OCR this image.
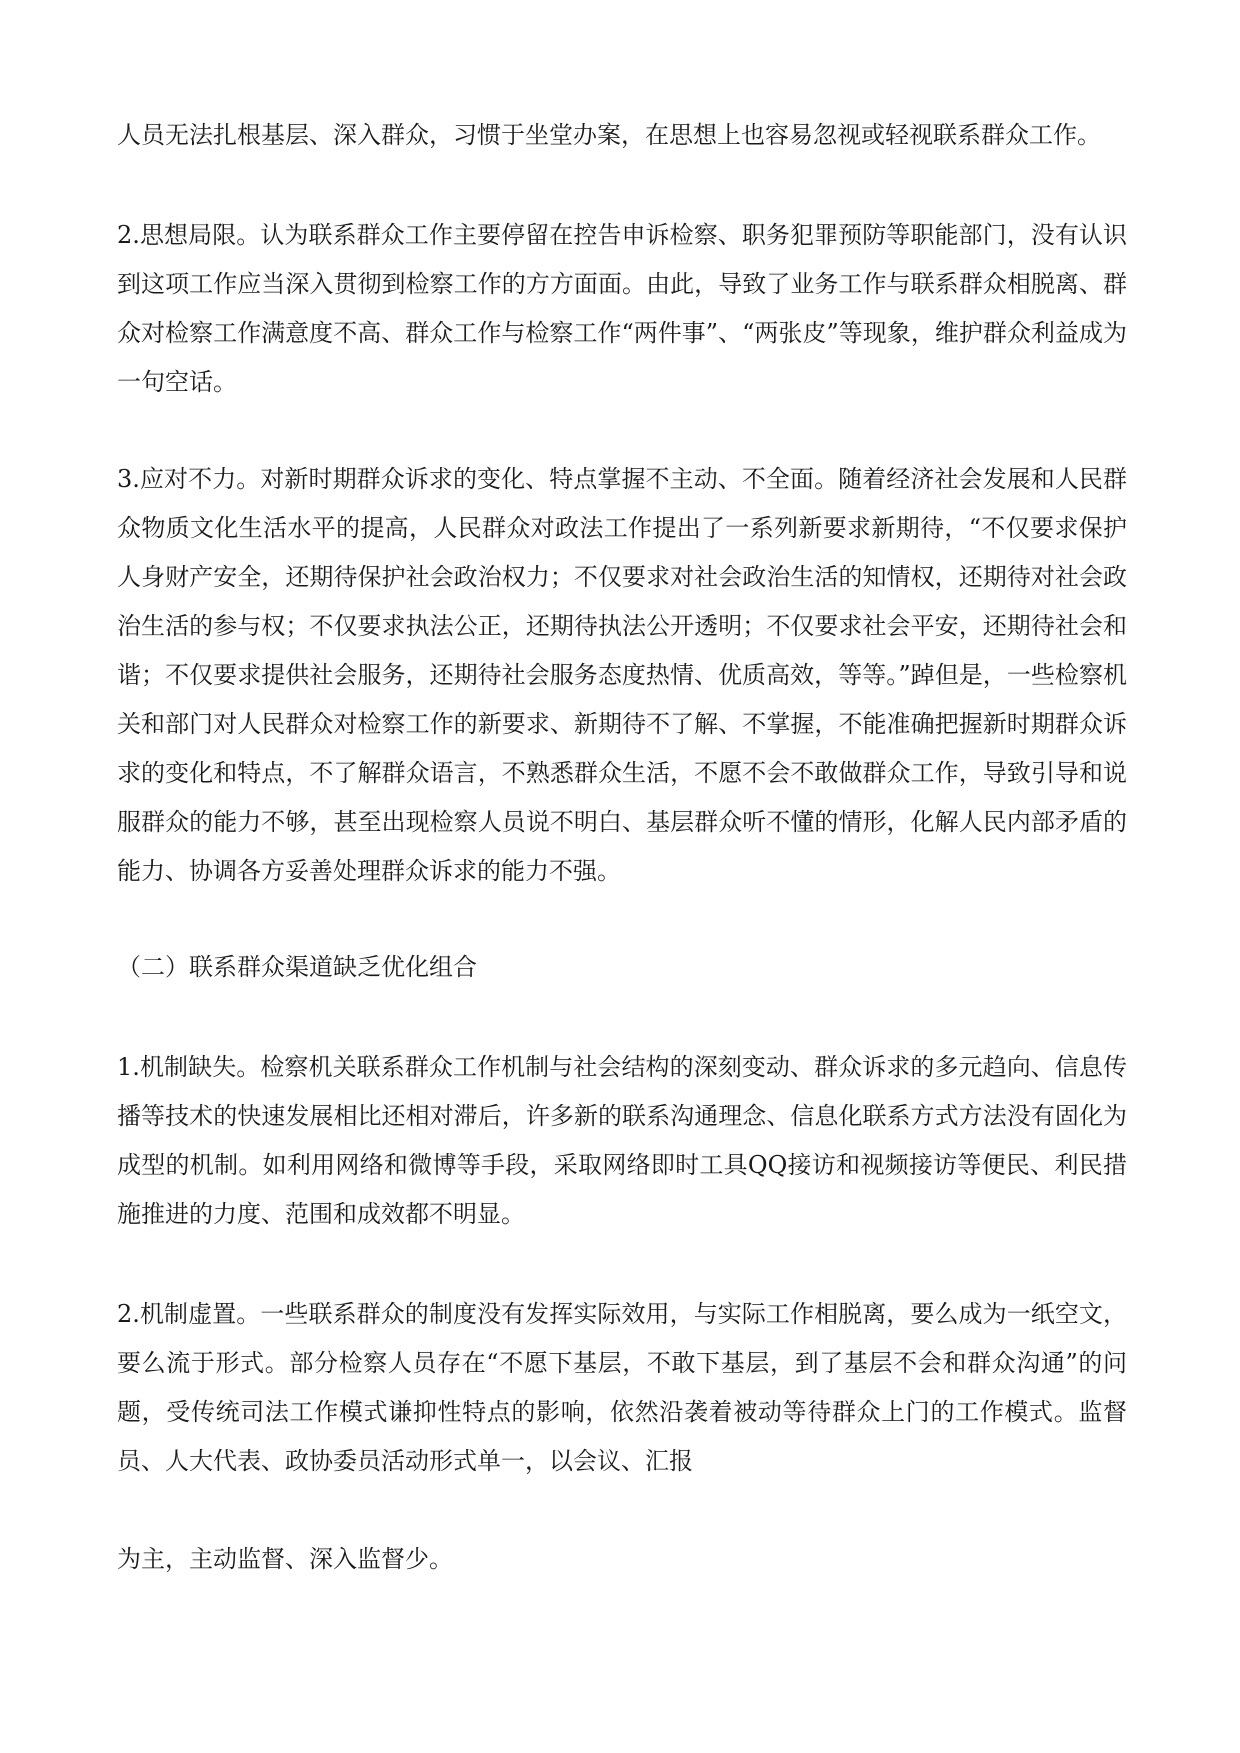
人员无法扎根基层、深入群众，习惯于坐堂办案，在思想上也容易忽视或轻视联系群众工作。

2.思想局限。认为联系群众工作主要停留在控告申诉检察、职务犯罪预防等职能部门，没有认识到这项工作应当深入贯彻到检察工作的方方面面。由此，导致了业务工作与联系群众相脱离、群众对检察工作满意度不高、群众工作与检察工作“两件事”、“两张皮”等现象，维护群众利益成为一句空话。

3.应对不力。对新时期群众诉求的变化、特点掌握不主动、不全面。随着经济社会发展和人民群众物质文化生活水平的提高，人民群众对政法工作提出了一系列新要求新期待，“不仅要求保护人身财产安全，还期待保护社会政治权力；不仅要求对社会政治生活的知情权，还期待对社会政治生活的参与权；不仅要求执法公正，还期待执法公开透明；不仅要求社会平安，还期待社会和谐；不仅要求提供社会服务，还期待社会服务态度热情、优质高效，等等。”踔但是，一些检察机关和部门对人民群众对检察工作的新要求、新期待不了解、不掌握，不能准确把握新时期群众诉求的变化和特点，不了解群众语言，不熟悉群众生活，不愿不会不敢做群众工作，导致引导和说服群众的能力不够，甚至出现检察人员说不明白、基层群众听不懂的情形，化解人民内部矛盾的能力、协调各方妥善处理群众诉求的能力不强。

（二）联系群众渠道缺乏优化组合

1.机制缺失。检察机关联系群众工作机制与社会结构的深刻变动、群众诉求的多元趋向、信息传播等技术的快速发展相比还相对滞后，许多新的联系沟通理念、信息化联系方式方法没有固化为成型的机制。如利用网络和微博等手段，采取网络即时工具QQ接访和视频接访等便民、利民措施推进的力度、范围和成效都不明显。

2.机制虚置。一些联系群众的制度没有发挥实际效用，与实际工作相脱离，要么成为一纸空文，要么流于形式。部分检察人员存在“不愿下基层，不敢下基层，到了基层不会和群众沟通”的问题，受传统司法工作模式谦抑性特点的影响，依然沿袭着被动等待群众上门的工作模式。监督员、人大代表、政协委员活动形式单一，以会议、汇报

为主，主动监督、深入监督少。
